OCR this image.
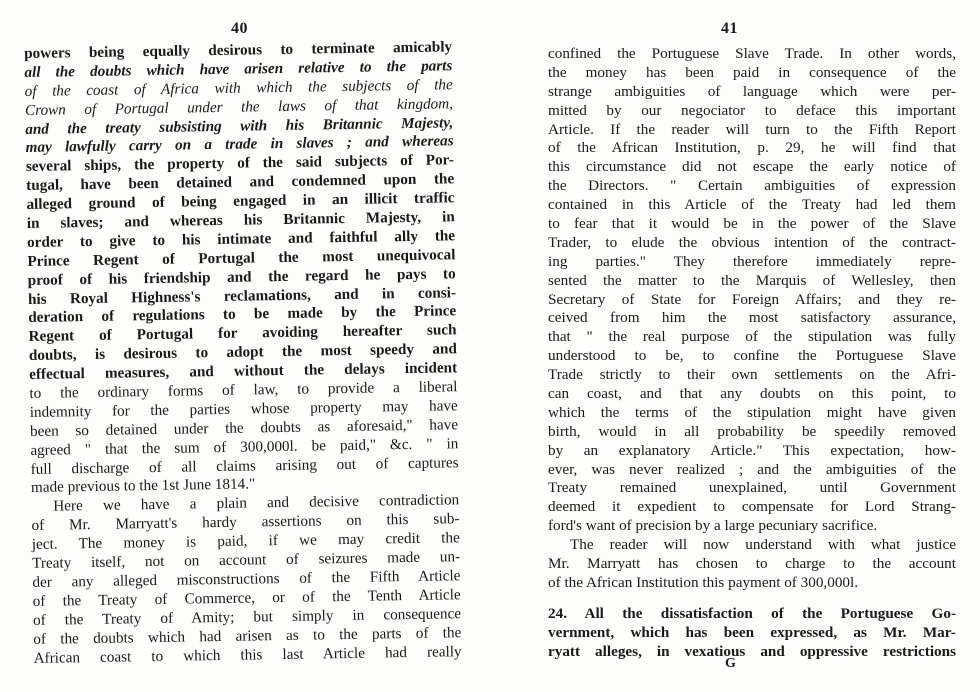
40
powers being equally desirous to terminate amicably
all the doubts which have arisen relative to the parts
of the coast of Africa with which the subjects of the
Crown of Portugal under the laws of that kingdom,
and the treaty subsisting with his Britannic Majesty,
may lawfully carry on a trade in slaves ; and whereas
several ships, the property of the said subjects of Por-
tugal, have been detained and condemned upon the
alleged ground of being engaged in an illicit traffic
in slaves; and whereas his Britannic Majesty, in
order to give to his intimate and faithful ally the
Prince Regent of Portugal the most unequivocal
proof of his friendship and the regard he pays to
his Royal Highness's reclamations, and in consi-
deration of regulations to be made by the Prince
Regent of Portugal for avoiding hereafter such
doubts, is desirous to adopt the most speedy and
effectual measures, and without the delays incident
to the ordinary forms of law, to provide a liberal
indemnity for the parties whose property may have
been so detained under the doubts as aforesaid," have
agreed " that the sum of 300,000l. be paid," &c. " in
full discharge of all claims arising out of captures
made previous to the 1st June 1814."
Here we have a plain and decisive contradiction
of Mr. Marryatt's hardy assertions on this sub-
ject. The money is paid, if we may credit the
Treaty itself, not on account of seizures made un-
der any alleged misconstructions of the Fifth Article
of the Treaty of Commerce, or of the Tenth Article
of the Treaty of Amity; but simply in consequence
of the doubts which had arisen as to the parts of the
African coast to which this last Article had really
41
confined the Portuguese Slave Trade. In other words,
the money has been paid in consequence of the
strange ambiguities of language which were per-
mitted by our negociator to deface this important
Article. If the reader will turn to the Fifth Report
of the African Institution, p. 29, he will find that
this circumstance did not escape the early notice of
the Directors. " Certain ambiguities of expression
contained in this Article of the Treaty had led them
to fear that it would be in the power of the Slave
Trader, to elude the obvious intention of the contract-
ing parties." They therefore immediately repre-
sented the matter to the Marquis of Wellesley, then
Secretary of State for Foreign Affairs; and they re-
ceived from him the most satisfactory assurance,
that " the real purpose of the stipulation was fully
understood to be, to confine the Portuguese Slave
Trade strictly to their own settlements on the Afri-
can coast, and that any doubts on this point, to
which the terms of the stipulation might have given
birth, would in all probability be speedily removed
by an explanatory Article." This expectation, how-
ever, was never realized ; and the ambiguities of the
Treaty remained unexplained, until Government
deemed it expedient to compensate for Lord Strang-
ford's want of precision by a large pecuniary sacrifice.
The reader will now understand with what justice
Mr. Marryatt has chosen to charge to the account
of the African Institution this payment of 300,000l.
24. All the dissatisfaction of the Portuguese Go-
vernment, which has been expressed, as Mr. Mar-
ryatt alleges, in vexatious and oppressive restrictions
G
